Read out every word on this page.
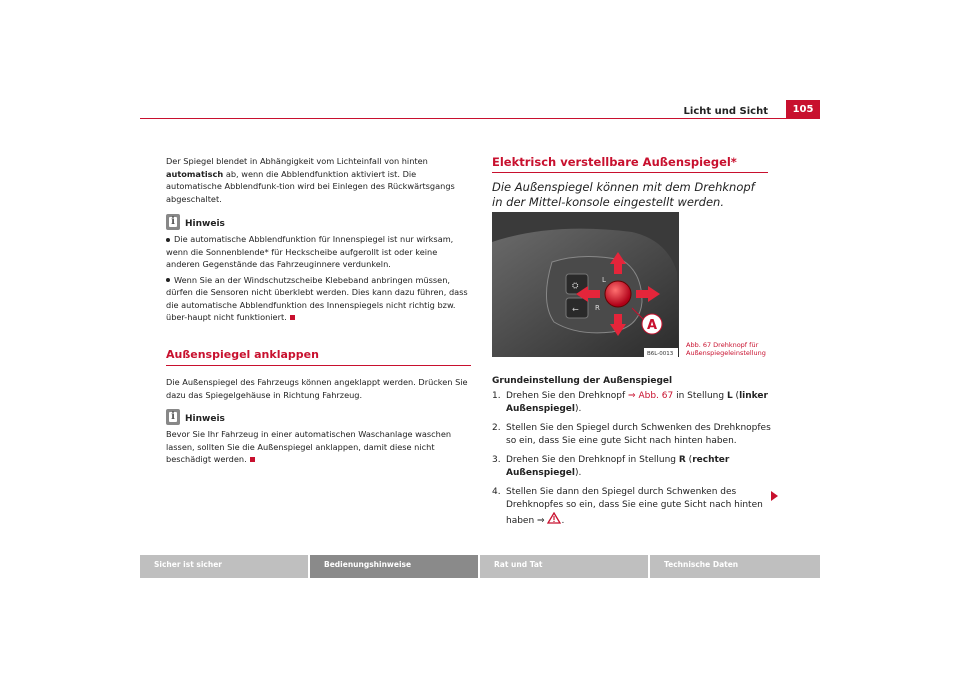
Licht und Sicht	105

Der Spiegel blendet in Abhängigkeit vom Lichteinfall von hinten automatisch ab, wenn die Abblendfunktion aktiviert ist. Die automatische Abblendfunk-tion wird bei Einlegen des Rückwärtsgangs abgeschaltet.

i
Hinweis

Die automatische Abblendfunktion für Innenspiegel ist nur wirksam, wenn die Sonnenblende* für Heckscheibe aufgerollt ist oder keine anderen Gegenstände das Fahrzeuginnere verdunkeln.

Wenn Sie an der Windschutzscheibe Klebeband anbringen müssen, dürfen die Sensoren nicht überklebt werden. Dies kann dazu führen, dass die automatische Abblendfunktion des Innenspiegels nicht richtig bzw. über-haupt nicht funktioniert.

Außenspiegel anklappen

Die Außenspiegel des Fahrzeugs können angeklappt werden. Drücken Sie dazu das Spiegelgehäuse in Richtung Fahrzeug.

i
Hinweis

Bevor Sie Ihr Fahrzeug in einer automatischen Waschanlage waschen lassen, sollten Sie die Außenspiegel anklappen, damit diese nicht beschädigt werden.

Elektrisch verstellbare Außenspiegel*
Die Außenspiegel können mit dem Drehknopf in der Mittel-konsole eingestellt werden.
⛭
←
L
R
A
B6L-0013
Abb. 67 Drehknopf für
Außenspiegeleinstellung
Grundeinstellung der Außenspiegel
1. Drehen Sie den Drehknopf ⇒ Abb. 67 in Stellung L (linker Außenspiegel).
2. Stellen Sie den Spiegel durch Schwenken des Drehknopfes so ein, dass Sie eine gute Sicht nach hinten haben.
3. Drehen Sie den Drehknopf in Stellung R (rechter Außenspiegel).
4. Stellen Sie dann den Spiegel durch Schwenken des Drehknopfes so ein, dass Sie eine gute Sicht nach hinten haben ⇒ .
Sicher ist sicher	Bedienungshinweise	Rat und Tat	Technische Daten
